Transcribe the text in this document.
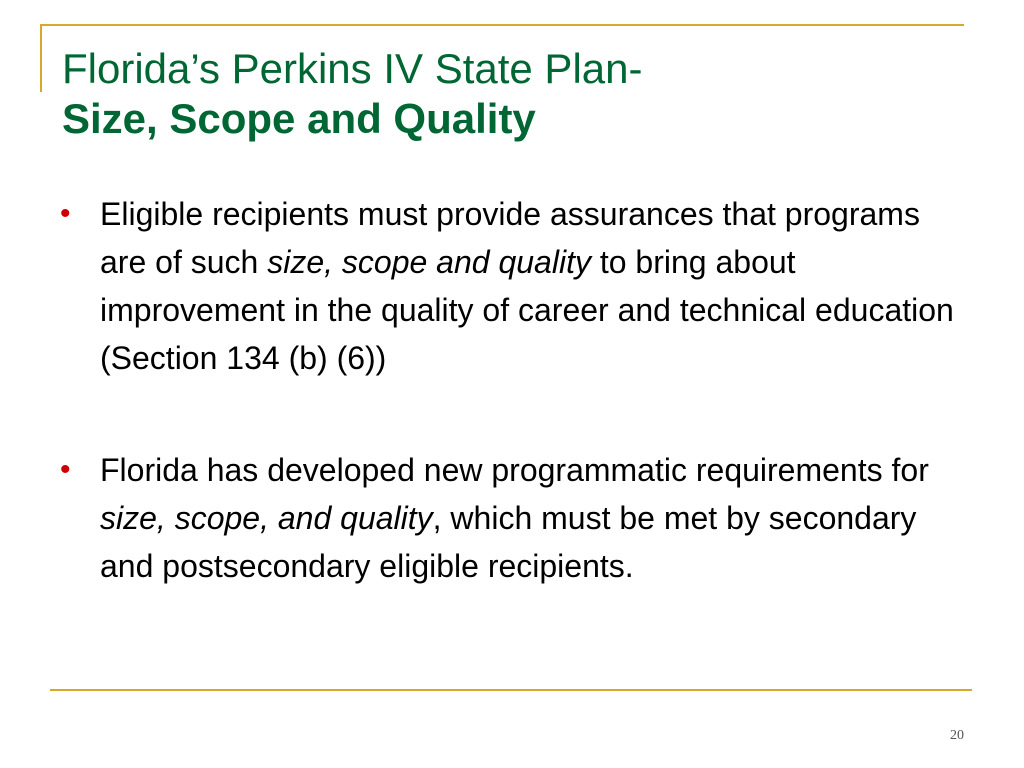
Florida’s Perkins IV State Plan-
Size, Scope and Quality
• Eligible recipients must provide assurances that programs are of such size, scope and quality to bring about improvement in the quality of career and technical education (Section 134 (b) (6))
• Florida has developed new programmatic requirements for size, scope, and quality, which must be met by secondary and postsecondary eligible recipients.
20
